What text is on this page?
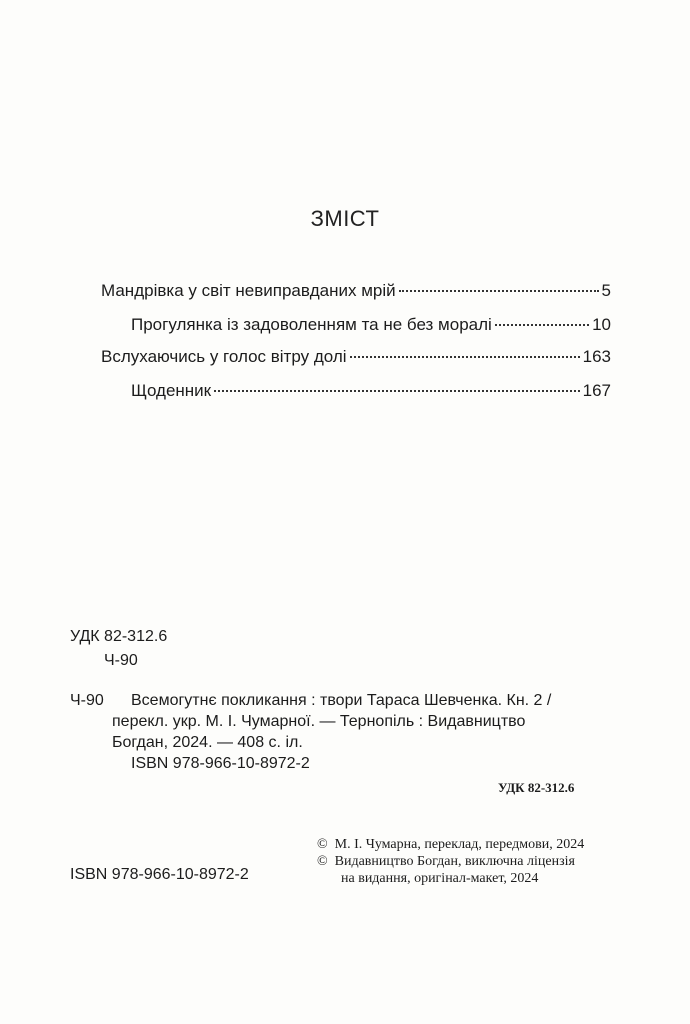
ЗМІСТ
Мандрівка у світ невиправданих мрій	5
Прогулянка із задоволенням та не без моралі	10
Вслухаючись у голос вітру долі	163
Щоденник	167
УДК 82-312.6
Ч-90
Ч-90 Всемогутнє покликання : твори Тараса Шевченка. Кн. 2 /
перекл. укр. М. І. Чумарної. — Тернопіль : Видавництво
Богдан, 2024. — 408 с. іл.
ISBN 978-966-10-8972-2
УДК 82-312.6
© М. І. Чумарна, переклад, передмови, 2024
© Видавництво Богдан, виключна ліцензія
на видання, оригінал-макет, 2024
ISBN 978-966-10-8972-2
